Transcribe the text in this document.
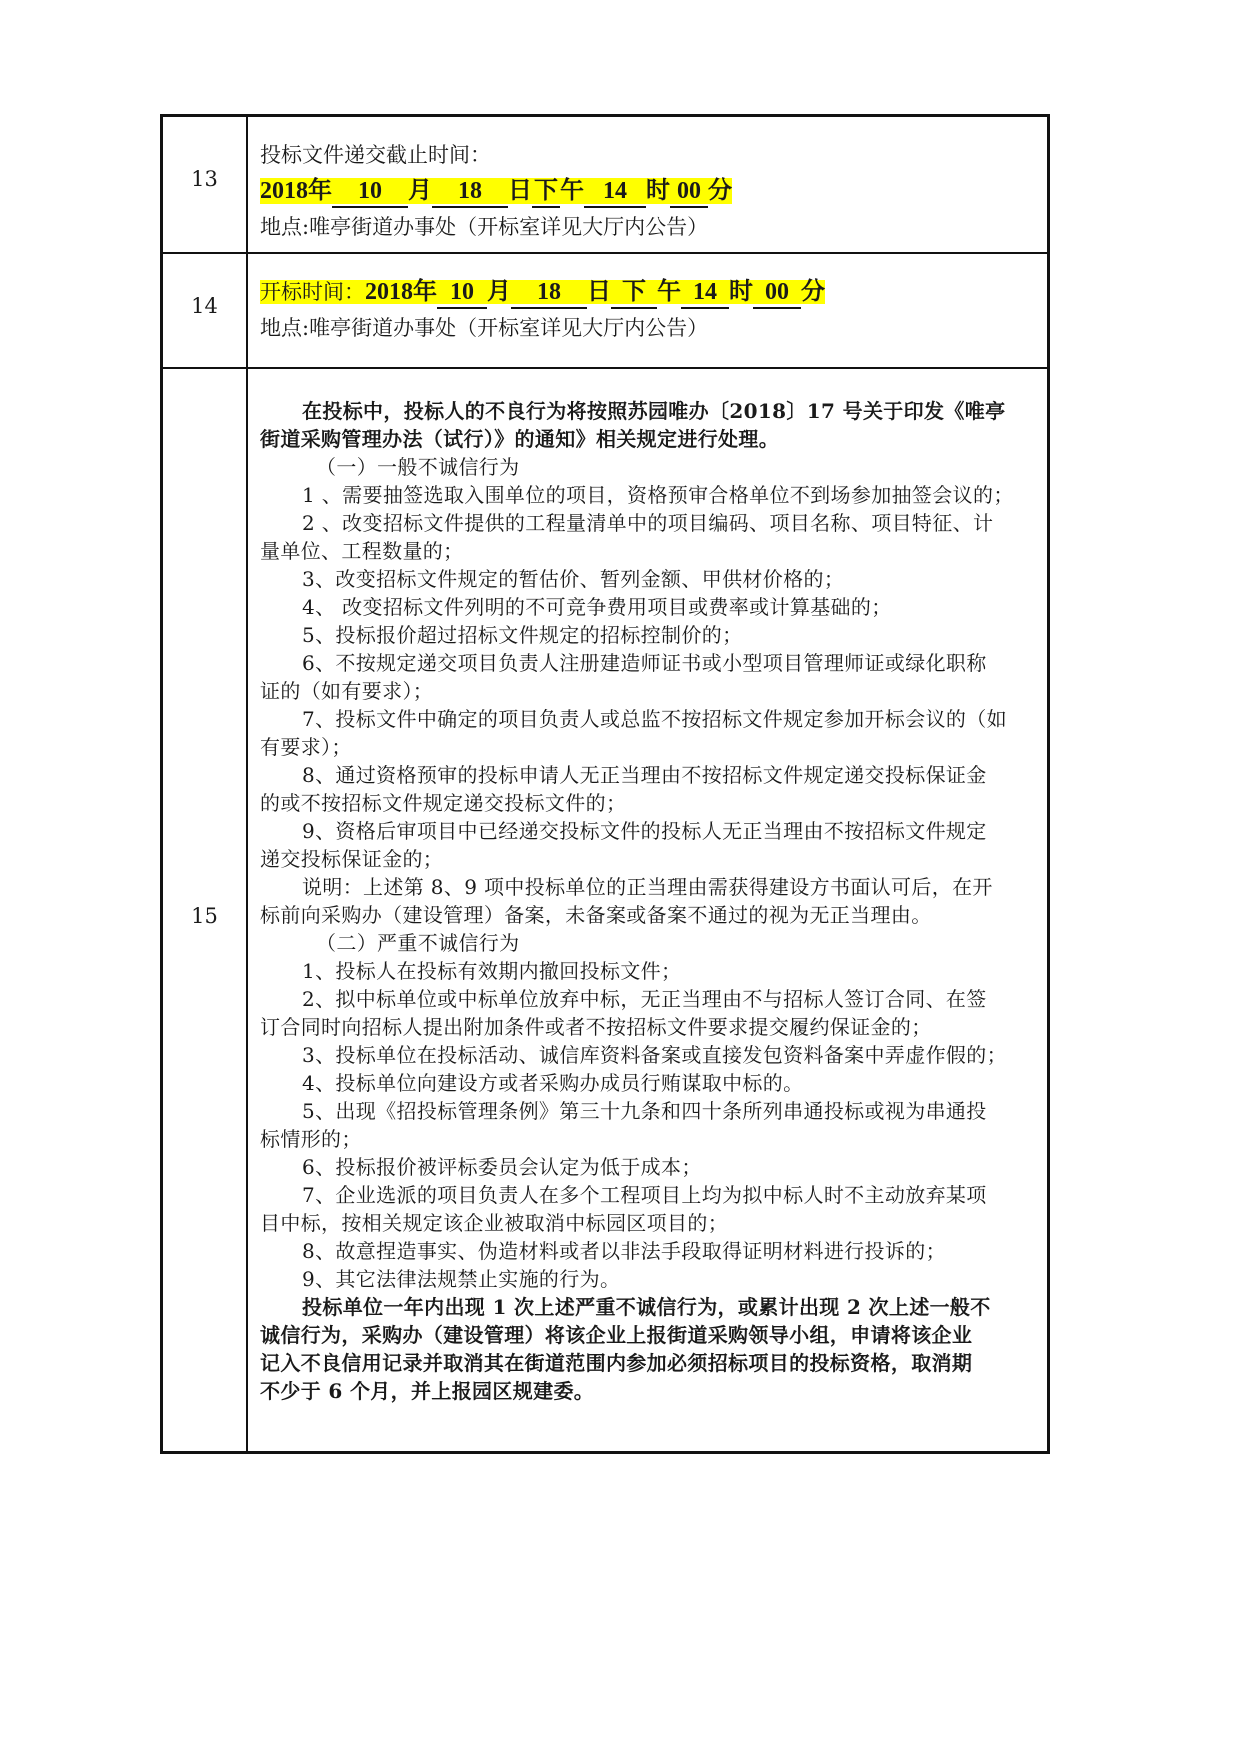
13
投标文件递交截止时间：
2018年 10 月 18 日下午 14 时 00 分
地点:唯亭街道办事处（开标室详见大厅内公告）
14
开标时间：2018年 10 月 18 日 下 午 14 时 00 分
地点:唯亭街道办事处（开标室详见大厅内公告）
15
在投标中，投标人的不良行为将按照苏园唯办〔2018〕17 号关于印发《唯亭
街道采购管理办法（试行）》的通知》相关规定进行处理。
（一）一般不诚信行为
1 、需要抽签选取入围单位的项目，资格预审合格单位不到场参加抽签会议的；
2 、改变招标文件提供的工程量清单中的项目编码、项目名称、项目特征、计
量单位、工程数量的；
3、改变招标文件规定的暂估价、暂列金额、甲供材价格的；
4、 改变招标文件列明的不可竞争费用项目或费率或计算基础的；
5、投标报价超过招标文件规定的招标控制价的；
6、不按规定递交项目负责人注册建造师证书或小型项目管理师证或绿化职称
证的（如有要求）；
7、投标文件中确定的项目负责人或总监不按招标文件规定参加开标会议的（如
有要求）；
8、通过资格预审的投标申请人无正当理由不按招标文件规定递交投标保证金
的或不按招标文件规定递交投标文件的；
9、资格后审项目中已经递交投标文件的投标人无正当理由不按招标文件规定
递交投标保证金的；
说明：上述第 8、9 项中投标单位的正当理由需获得建设方书面认可后，在开
标前向采购办（建设管理）备案，未备案或备案不通过的视为无正当理由。
（二）严重不诚信行为
1、投标人在投标有效期内撤回投标文件；
2、拟中标单位或中标单位放弃中标，无正当理由不与招标人签订合同、在签
订合同时向招标人提出附加条件或者不按招标文件要求提交履约保证金的；
3、投标单位在投标活动、诚信库资料备案或直接发包资料备案中弄虚作假的；
4、投标单位向建设方或者采购办成员行贿谋取中标的。
5、出现《招投标管理条例》第三十九条和四十条所列串通投标或视为串通投
标情形的；
6、投标报价被评标委员会认定为低于成本；
7、企业选派的项目负责人在多个工程项目上均为拟中标人时不主动放弃某项
目中标，按相关规定该企业被取消中标园区项目的；
8、故意捏造事实、伪造材料或者以非法手段取得证明材料进行投诉的；
9、其它法律法规禁止实施的行为。
投标单位一年内出现 1 次上述严重不诚信行为，或累计出现 2 次上述一般不
诚信行为，采购办（建设管理）将该企业上报街道采购领导小组，申请将该企业
记入不良信用记录并取消其在街道范围内参加必须招标项目的投标资格，取消期
不少于 6 个月，并上报园区规建委。
